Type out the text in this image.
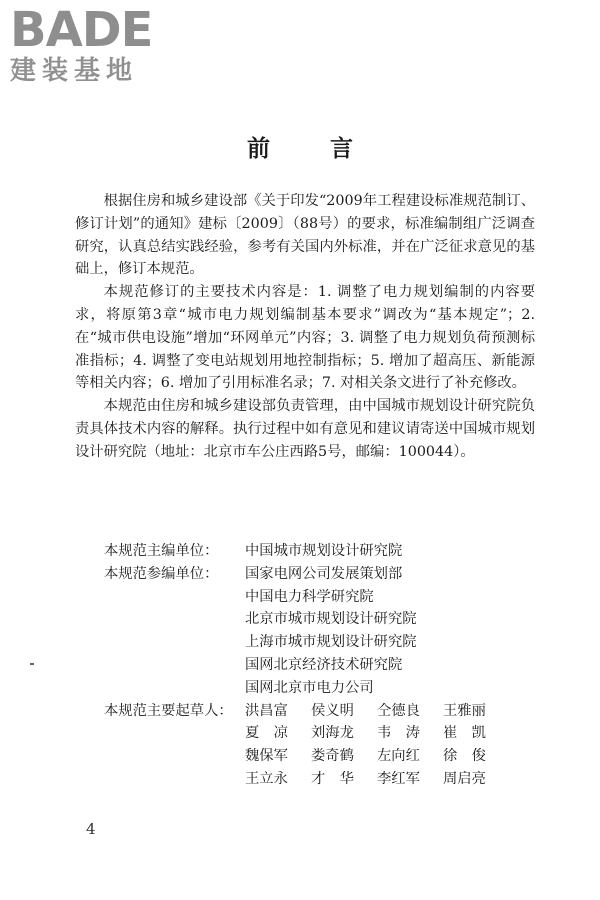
BADE
建装基地
前 言

根据住房和城乡建设部《关于印发“2009年工程建设标准规范制订、修订计划”的通知》建标〔2009〕（88号）的要求，标准编制组广泛调查研究，认真总结实践经验，参考有关国内外标准，并在广泛征求意见的基础上，修订本规范。

本规范修订的主要技术内容是：1. 调整了电力规划编制的内容要求，将原第3章“城市电力规划编制基本要求”调改为“基本规定”；2. 在“城市供电设施”增加“环网单元”内容；3. 调整了电力规划负荷预测标准指标；4. 调整了变电站规划用地控制指标；5. 增加了超高压、新能源等相关内容；6. 增加了引用标准名录；7. 对相关条文进行了补充修改。

本规范由住房和城乡建设部负责管理，由中国城市规划设计研究院负责具体技术内容的解释。执行过程中如有意见和建议请寄送中国城市规划设计研究院（地址：北京市车公庄西路5号，邮编：100044）。

本规范主编单位：	中国城市规划设计研究院
本规范参编单位：	国家电网公司发展策划部
中国电力科学研究院
北京市城市规划设计研究院
上海市城市规划设计研究院
国网北京经济技术研究院
国网北京市电力公司
本规范主要起草人： 洪昌富	侯义明	仝德良	王雅丽
夏　凉	刘海龙	韦　涛	崔　凯
魏保军	娄奇鹤	左向红	徐　俊
王立永	才　华	李红军	周启亮
4
